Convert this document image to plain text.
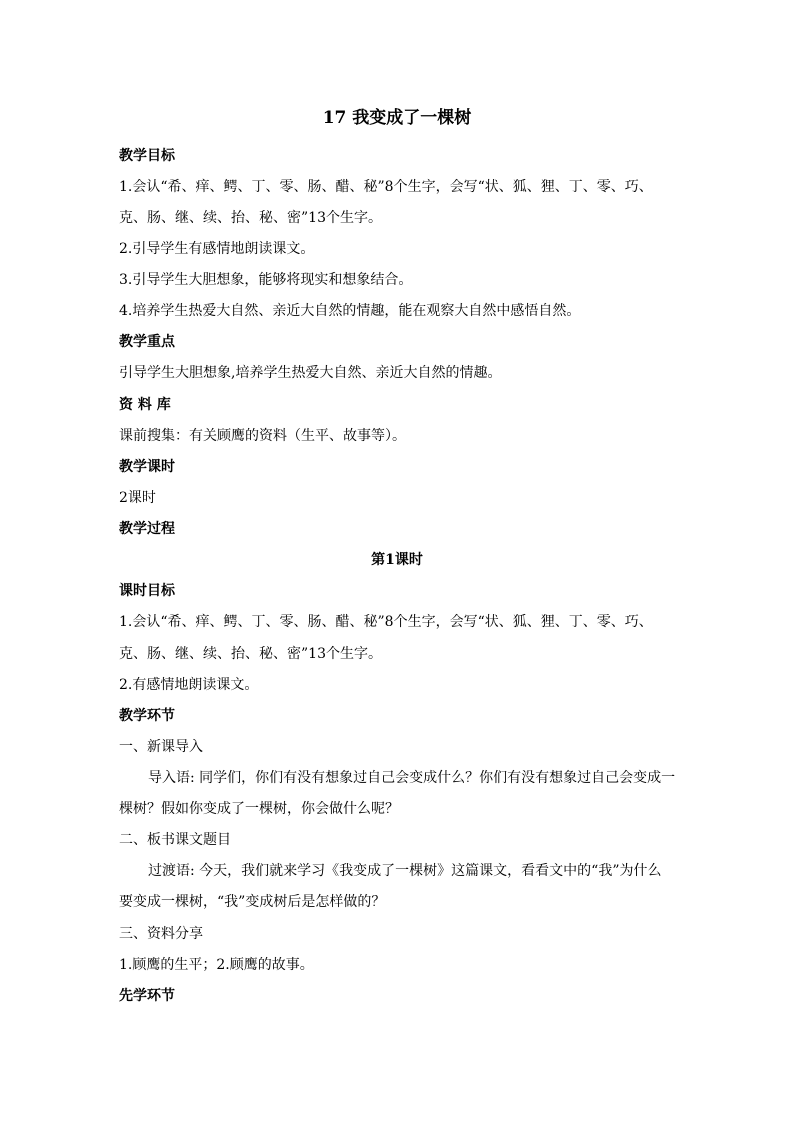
17 我变成了一棵树
教学目标
1.会认“希、痒、鳄、丁、零、肠、醋、秘”8个生字，会写“状、狐、狸、丁、零、巧、
克、肠、继、续、抬、秘、密”13个生字。
2.引导学生有感情地朗读课文。
3.引导学生大胆想象，能够将现实和想象结合。
4.培养学生热爱大自然、亲近大自然的情趣，能在观察大自然中感悟自然。
教学重点
引导学生大胆想象,培养学生热爱大自然、亲近大自然的情趣。
资 料 库
课前搜集：有关顾鹰的资料（生平、故事等）。
教学课时
2课时
教学过程
第1课时
课时目标
1.会认“希、痒、鳄、丁、零、肠、醋、秘”8个生字，会写“状、狐、狸、丁、零、巧、
克、肠、继、续、抬、秘、密”13个生字。
2.有感情地朗读课文。
教学环节
一、新课导入
导入语: 同学们，你们有没有想象过自己会变成什么？你们有没有想象过自己会变成一
棵树？假如你变成了一棵树，你会做什么呢？
二、板书课文题目
过渡语: 今天，我们就来学习《我变成了一棵树》这篇课文，看看文中的“我”为什么
要变成一棵树，“我”变成树后是怎样做的？
三、资料分享
1.顾鹰的生平；2.顾鹰的故事。
先学环节
